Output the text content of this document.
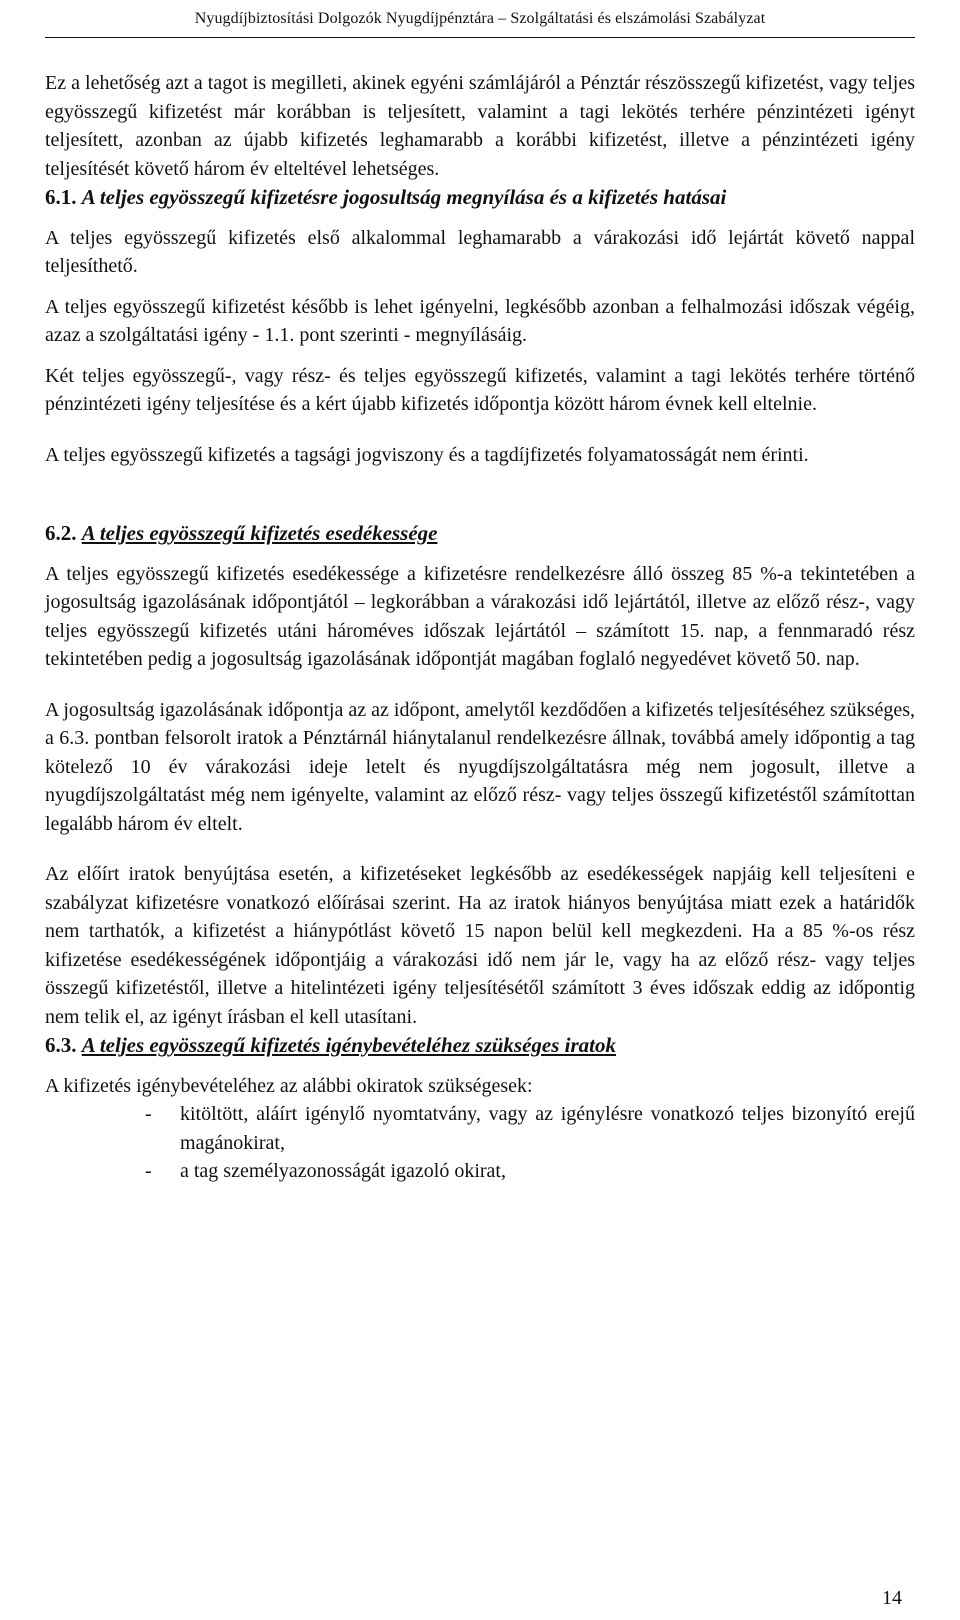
Nyugdíjbiztosítási Dolgozók Nyugdíjpénztára – Szolgáltatási és elszámolási Szabályzat

Ez a lehetőség azt a tagot is megilleti, akinek egyéni számlájáról a Pénztár részösszegű kifizetést, vagy teljes egyösszegű kifizetést már korábban is teljesített, valamint a tagi lekötés terhére pénzintézeti igényt teljesített, azonban az újabb kifizetés leghamarabb a korábbi kifizetést, illetve a pénzintézeti igény teljesítését követő három év elteltével lehetséges.

6.1. A teljes egyösszegű kifizetésre jogosultság megnyílása és a kifizetés hatásai

A teljes egyösszegű kifizetés első alkalommal leghamarabb a várakozási idő lejártát követő nappal teljesíthető.

A teljes egyösszegű kifizetést később is lehet igényelni, legkésőbb azonban a felhalmozási időszak végéig, azaz a szolgáltatási igény - 1.1. pont szerinti - megnyílásáig.

Két teljes egyösszegű-, vagy rész- és teljes egyösszegű kifizetés, valamint a tagi lekötés terhére történő pénzintézeti igény teljesítése és a kért újabb kifizetés időpontja között három évnek kell eltelnie.

A teljes egyösszegű kifizetés a tagsági jogviszony és a tagdíjfizetés folyamatosságát nem érinti.

6.2. A teljes egyösszegű kifizetés esedékessége

A teljes egyösszegű kifizetés esedékessége a kifizetésre rendelkezésre álló összeg 85 %-a tekintetében a jogosultság igazolásának időpontjától – legkorábban a várakozási idő lejártától, illetve az előző rész-, vagy teljes egyösszegű kifizetés utáni hároméves időszak lejártától – számított 15. nap, a fennmaradó rész tekintetében pedig a jogosultság igazolásának időpontját magában foglaló negyedévet követő 50. nap.

A jogosultság igazolásának időpontja az az időpont, amelytől kezdődően a kifizetés teljesítéséhez szükséges, a 6.3. pontban felsorolt iratok a Pénztárnál hiánytalanul rendelkezésre állnak, továbbá amely időpontig a tag kötelező 10 év várakozási ideje letelt és nyugdíjszolgáltatásra még nem jogosult, illetve a nyugdíjszolgáltatást még nem igényelte, valamint az előző rész- vagy teljes összegű kifizetéstől számítottan legalább három év eltelt.

Az előírt iratok benyújtása esetén, a kifizetéseket legkésőbb az esedékességek napjáig kell teljesíteni e szabályzat kifizetésre vonatkozó előírásai szerint. Ha az iratok hiányos benyújtása miatt ezek a határidők nem tarthatók, a kifizetést a hiánypótlást követő 15 napon belül kell megkezdeni. Ha a 85 %-os rész kifizetése esedékességének időpontjáig a várakozási idő nem jár le, vagy ha az előző rész- vagy teljes összegű kifizetéstől, illetve a hitelintézeti igény teljesítésétől számított 3 éves időszak eddig az időpontig nem telik el, az igényt írásban el kell utasítani.

6.3. A teljes egyösszegű kifizetés igénybevételéhez szükséges iratok

A kifizetés igénybevételéhez az alábbi okiratok szükségesek:

- kitöltött, aláírt igénylő nyomtatvány, vagy az igénylésre vonatkozó teljes bizonyító erejű magánokirat,
- a tag személyazonosságát igazoló okirat,
14
